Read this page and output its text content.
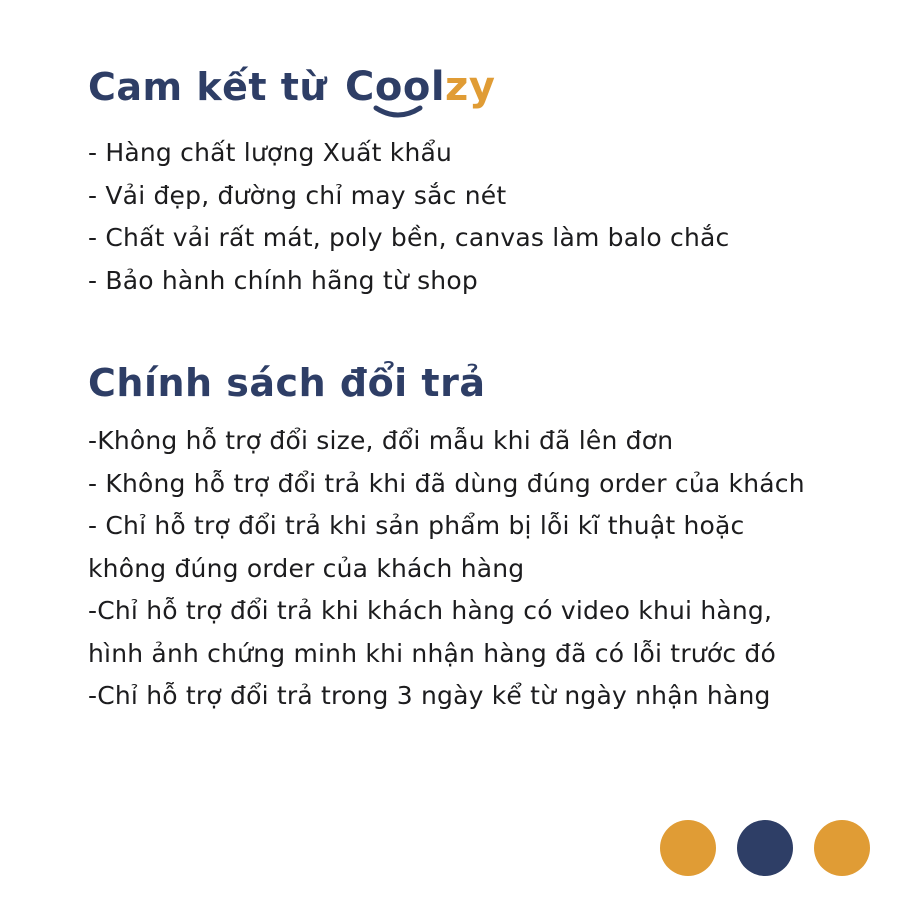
Cam kết từ Coolzy
- Hàng chất lượng Xuất khẩu
- Vải đẹp, đường chỉ may sắc nét
- Chất vải rất mát, poly bền, canvas làm balo chắc
- Bảo hành chính hãng từ shop
Chính sách đổi trả
-Không hỗ trợ đổi size, đổi mẫu khi đã lên đơn
- Không hỗ trợ đổi trả khi đã dùng đúng order của khách
- Chỉ hỗ trợ đổi trả khi sản phẩm bị lỗi kĩ thuật hoặc
không đúng order của khách hàng
-Chỉ hỗ trợ đổi trả khi khách hàng có video khui hàng,
hình ảnh chứng minh khi nhận hàng đã có lỗi trước đó
-Chỉ hỗ trợ đổi trả trong 3 ngày kể từ ngày nhận hàng
